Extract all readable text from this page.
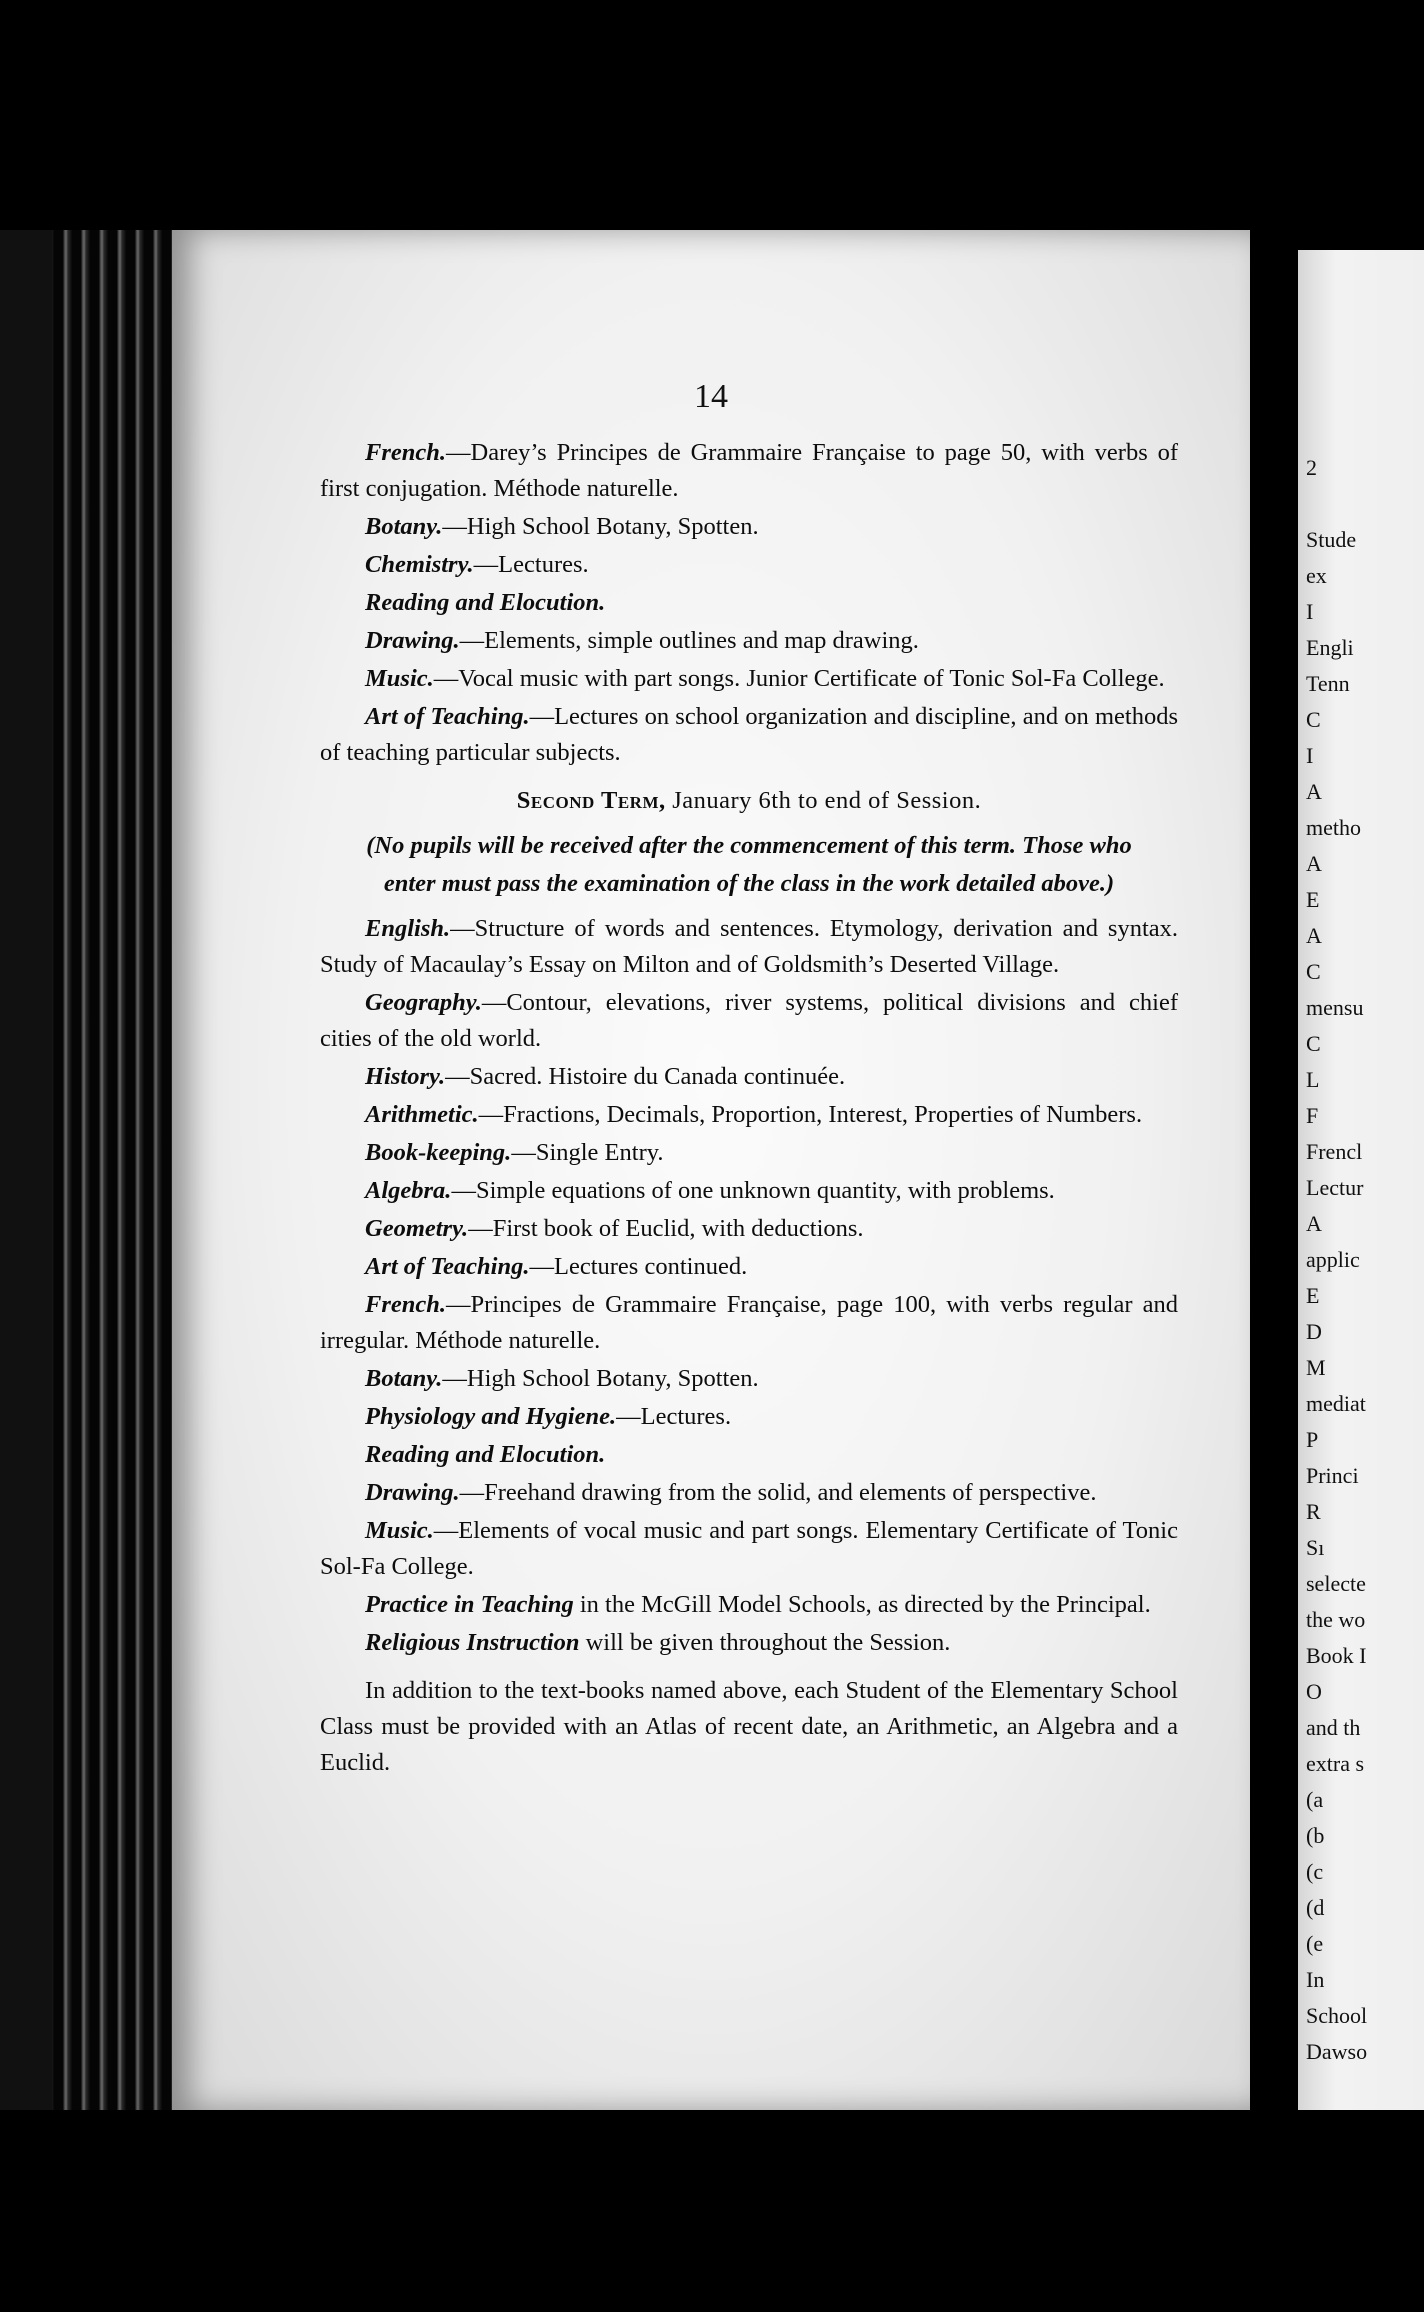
2
Stude
ex
I
Engli
Tenn
C
I
A
metho
A
E
A
C
mensu
C
L
F
Frencl
Lectur
A
applic
E
D
M
mediat
P
Princi
R
Sı
selecte
the wo
Book I
O
and th
extra s
(a
(b
(c
(d
(e
In
School
Dawso
14

French.—Darey’s Principes de Grammaire Française to page 50, with verbs of first conjugation. Méthode naturelle.

Botany.—High School Botany, Spotten.

Chemistry.—Lectures.

Reading and Elocution.

Drawing.—Elements, simple outlines and map drawing.

Music.—Vocal music with part songs. Junior Certificate of Tonic Sol-Fa College.

Art of Teaching.—Lectures on school organization and discipline, and on methods of teaching particular subjects.

Second Term, January 6th to end of Session.
(No pupils will be received after the commencement of this term. Those who enter must pass the examination of the class in the work detailed above.)

English.—Structure of words and sentences. Etymology, derivation and syntax. Study of Macaulay’s Essay on Milton and of Goldsmith’s Deserted Village.

Geography.—Contour, elevations, river systems, political divisions and chief cities of the old world.

History.—Sacred. Histoire du Canada continuée.

Arithmetic.—Fractions, Decimals, Proportion, Interest, Properties of Numbers.

Book-keeping.—Single Entry.

Algebra.—Simple equations of one unknown quantity, with problems.

Geometry.—First book of Euclid, with deductions.

Art of Teaching.—Lectures continued.

French.—Principes de Grammaire Française, page 100, with verbs regular and irregular. Méthode naturelle.

Botany.—High School Botany, Spotten.

Physiology and Hygiene.—Lectures.

Reading and Elocution.

Drawing.—Freehand drawing from the solid, and elements of perspective.

Music.—Elements of vocal music and part songs. Elementary Certificate of Tonic Sol-Fa College.

Practice in Teaching in the McGill Model Schools, as directed by the Principal.

Religious Instruction will be given throughout the Session.

In addition to the text-books named above, each Student of the Elementary School Class must be provided with an Atlas of recent date, an Arithmetic, an Algebra and a Euclid.
